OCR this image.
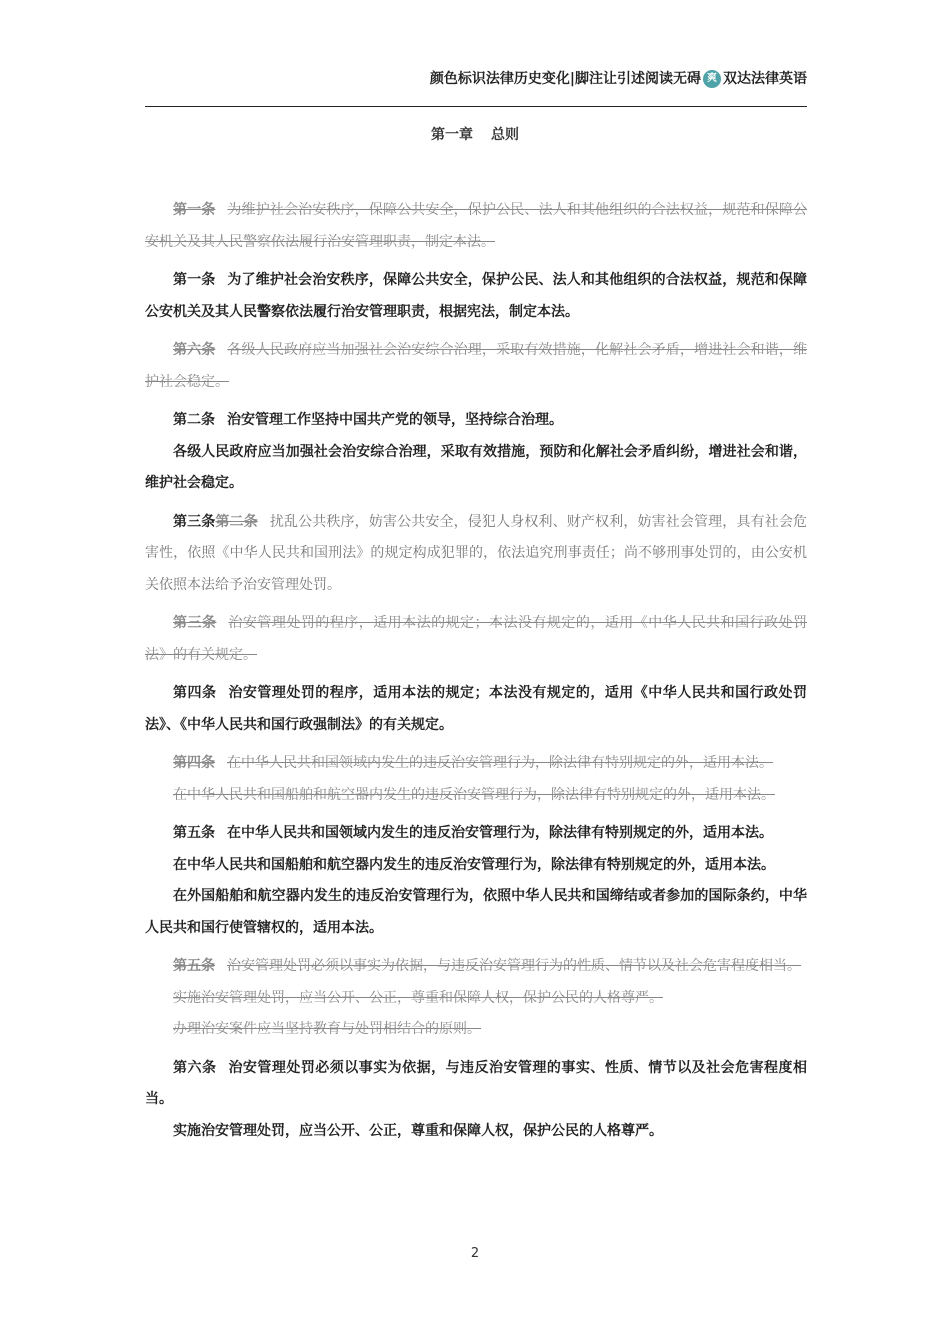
颜色标识法律历史变化|脚注让引述阅读无碍 爽 双达法律英语
第一章 总则

第一条 为维护社会治安秩序，保障公共安全，保护公民、法人和其他组织的合法权益，规范和保障公安机关及其人民警察依法履行治安管理职责，制定本法。

第一条 为了维护社会治安秩序，保障公共安全，保护公民、法人和其他组织的合法权益，规范和保障公安机关及其人民警察依法履行治安管理职责，根据宪法，制定本法。

第六条 各级人民政府应当加强社会治安综合治理，采取有效措施，化解社会矛盾，增进社会和谐，维护社会稳定。

第二条 治安管理工作坚持中国共产党的领导，坚持综合治理。

各级人民政府应当加强社会治安综合治理，采取有效措施，预防和化解社会矛盾纠纷，增进社会和谐，维护社会稳定。

第三条第二条 扰乱公共秩序，妨害公共安全，侵犯人身权利、财产权利，妨害社会管理，具有社会危害性，依照《中华人民共和国刑法》的规定构成犯罪的，依法追究刑事责任；尚不够刑事处罚的，由公安机关依照本法给予治安管理处罚。

第三条 治安管理处罚的程序，适用本法的规定；本法没有规定的，适用《中华人民共和国行政处罚法》的有关规定。

第四条 治安管理处罚的程序，适用本法的规定；本法没有规定的，适用《中华人民共和国行政处罚法》、《中华人民共和国行政强制法》的有关规定。

第四条 在中华人民共和国领域内发生的违反治安管理行为，除法律有特别规定的外，适用本法。

在中华人民共和国船舶和航空器内发生的违反治安管理行为，除法律有特别规定的外，适用本法。

第五条 在中华人民共和国领域内发生的违反治安管理行为，除法律有特别规定的外，适用本法。

在中华人民共和国船舶和航空器内发生的违反治安管理行为，除法律有特别规定的外，适用本法。

在外国船舶和航空器内发生的违反治安管理行为，依照中华人民共和国缔结或者参加的国际条约，中华人民共和国行使管辖权的，适用本法。

第五条 治安管理处罚必须以事实为依据，与违反治安管理行为的性质、情节以及社会危害程度相当。

实施治安管理处罚，应当公开、公正，尊重和保障人权，保护公民的人格尊严。

办理治安案件应当坚持教育与处罚相结合的原则。

第六条 治安管理处罚必须以事实为依据，与违反治安管理的事实、性质、情节以及社会危害程度相当。

实施治安管理处罚，应当公开、公正，尊重和保障人权，保护公民的人格尊严。

2
